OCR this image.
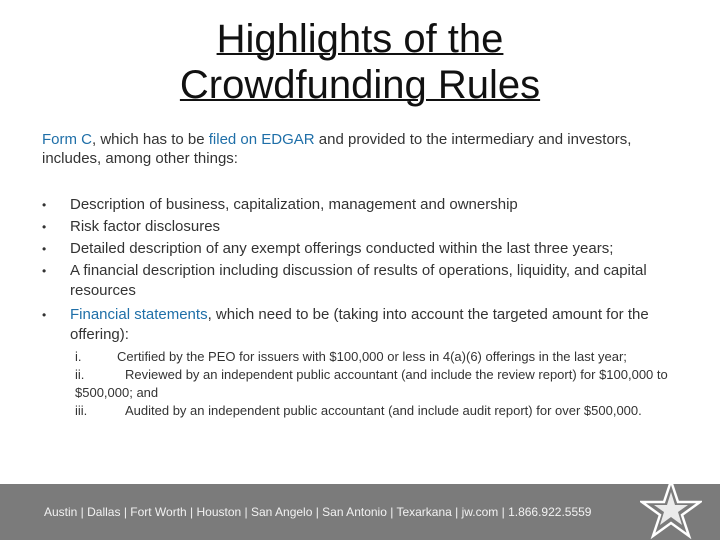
Highlights of the
Crowdfunding Rules
Form C, which has to be filed on EDGAR and provided to the intermediary and investors, includes, among other things:
• Description of business, capitalization, management and ownership
• Risk factor disclosures
• Detailed description of any exempt offerings conducted within the last three years;
• A financial description including discussion of results of operations, liquidity, and capital resources
• Financial statements, which need to be (taking into account the targeted amount for the offering):
i.	Certified by the PEO for issuers with $100,000 or less in 4(a)(6) offerings in the last year;
ii.	Reviewed by an independent public accountant (and include the review report) for $100,000 to $500,000; and
iii.	Audited by an independent public accountant (and include audit report) for over $500,000.
Austin | Dallas | Fort Worth | Houston | San Angelo | San Antonio | Texarkana | jw.com | 1.866.922.5559
